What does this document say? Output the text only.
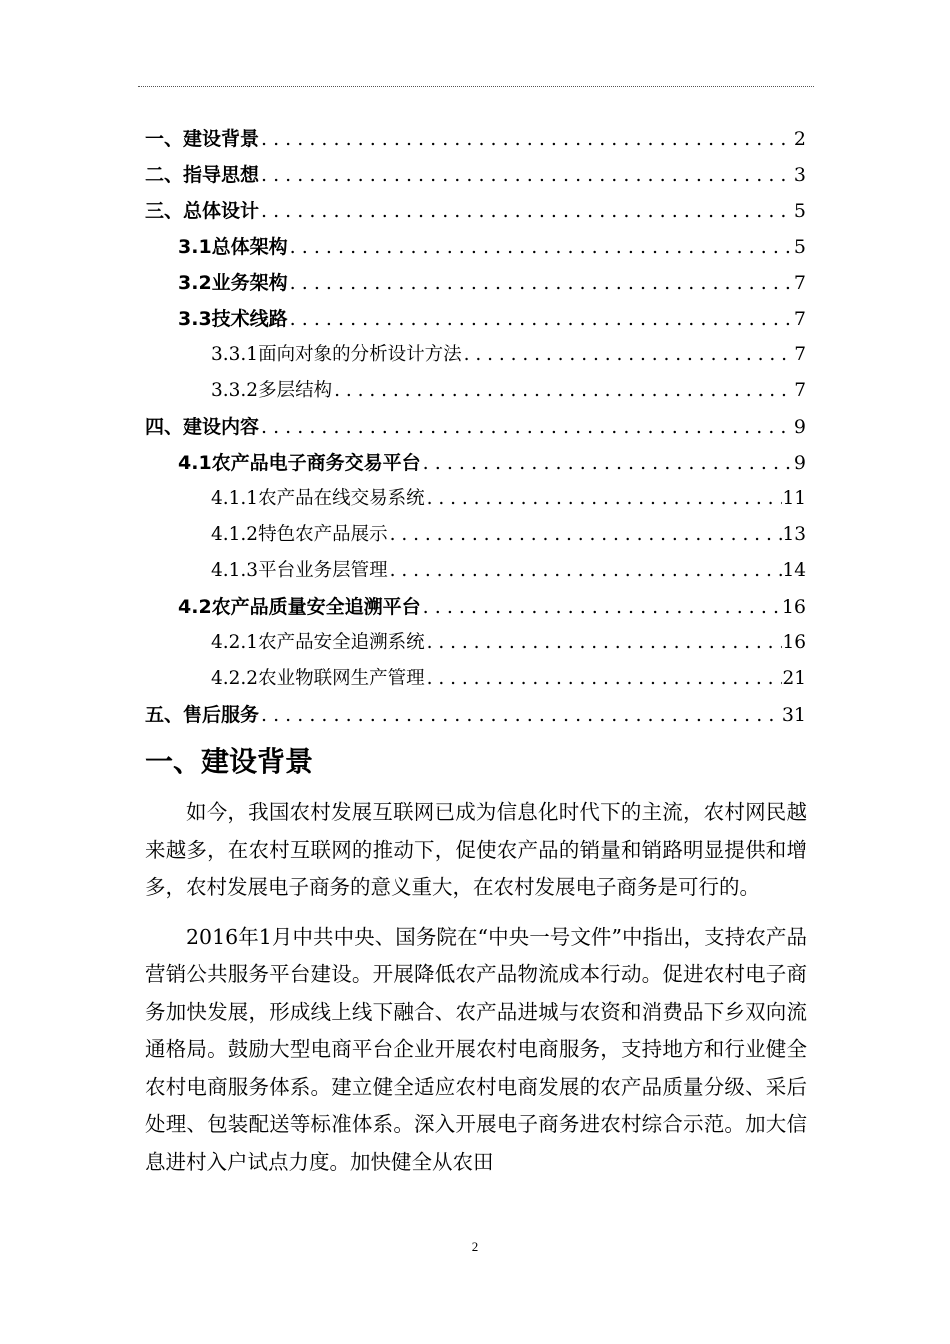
一、建设背景 . . .	2
二、指导思想 . . .	3
三、总体设计 . . .	5
3.1总体架构 . . .	5
3.2业务架构 . . .	7
3.3技术线路 . . .	7
3.3.1面向对象的分析设计方法 . . .	7
3.3.2多层结构 . . .	7
四、建设内容 . . .	9
4.1农产品电子商务交易平台 . . .	9
4.1.1农产品在线交易系统 . . .	11
4.1.2特色农产品展示 . . .	13
4.1.3平台业务层管理 . . .	14
4.2农产品质量安全追溯平台 . . .	16
4.2.1农产品安全追溯系统 . . .	16
4.2.2农业物联网生产管理 . . .	21
五、售后服务 . . .	31
一、建设背景

如今，我国农村发展互联网已成为信息化时代下的主流，农村网民越来越多，在农村互联网的推动下，促使农产品的销量和销路明显提供和增多，农村发展电子商务的意义重大，在农村发展电子商务是可行的。

2016年1月中共中央、国务院在“中央一号文件”中指出，支持农产品营销公共服务平台建设。开展降低农产品物流成本行动。促进农村电子商务加快发展，形成线上线下融合、农产品进城与农资和消费品下乡双向流通格局。鼓励大型电商平台企业开展农村电商服务，支持地方和行业健全农村电商服务体系。建立健全适应农村电商发展的农产品质量分级、采后处理、包装配送等标准体系。深入开展电子商务进农村综合示范。加大信息进村入户试点力度。加快健全从农田

2
